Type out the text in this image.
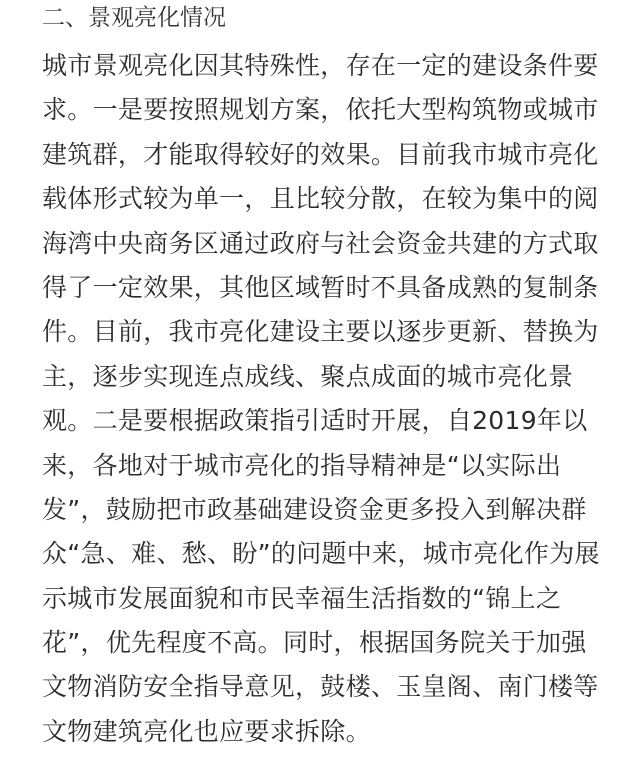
二、景观亮化情况
城市景观亮化因其特殊性，存在一定的建设条件要
求。一是要按照规划方案，依托大型构筑物或城市
建筑群，才能取得较好的效果。目前我市城市亮化
载体形式较为单一，且比较分散，在较为集中的阅
海湾中央商务区通过政府与社会资金共建的方式取
得了一定效果，其他区域暂时不具备成熟的复制条
件。目前，我市亮化建设主要以逐步更新、替换为
主，逐步实现连点成线、聚点成面的城市亮化景
观。二是要根据政策指引适时开展，自2019年以
来，各地对于城市亮化的指导精神是“以实际出
发”，鼓励把市政基础建设资金更多投入到解决群
众“急、难、愁、盼”的问题中来，城市亮化作为展
示城市发展面貌和市民幸福生活指数的“锦上之
花”，优先程度不高。同时，根据国务院关于加强
文物消防安全指导意见，鼓楼、玉皇阁、南门楼等
文物建筑亮化也应要求拆除。
